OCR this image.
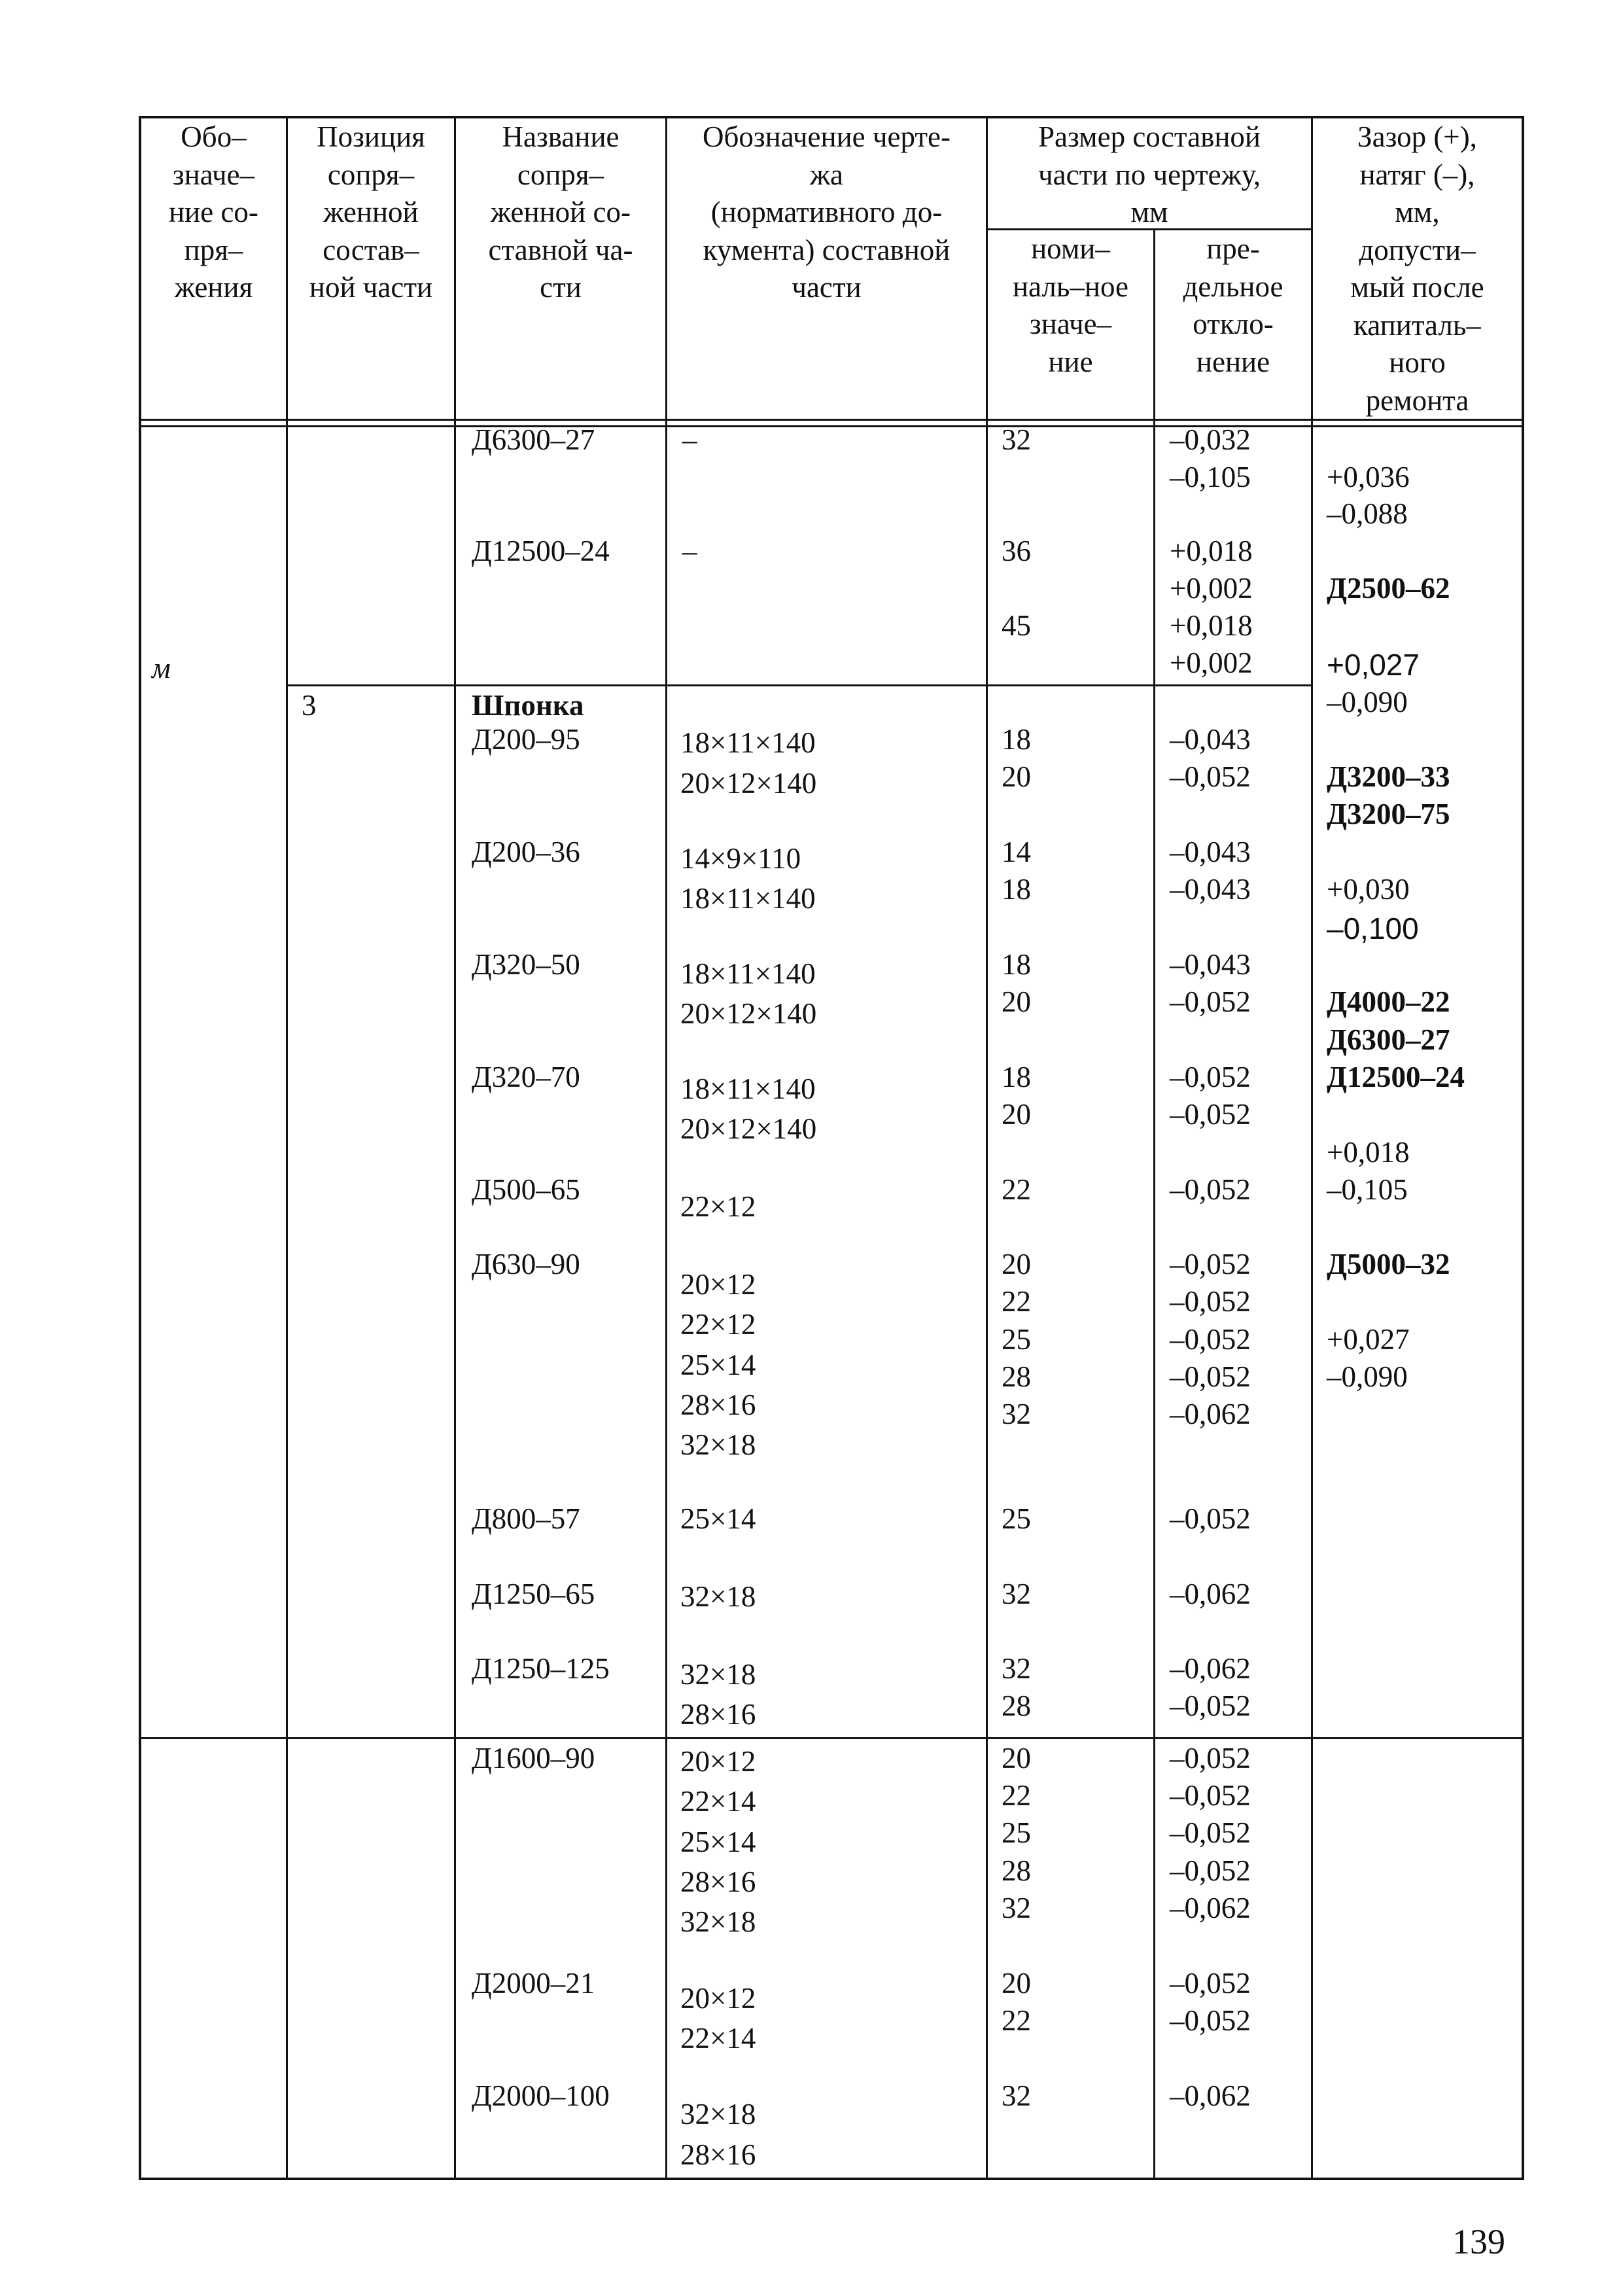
Обо–
значе–
ние со-
пря–
жения
Позиция
сопря–
женной
состав–
ной части
Название
сопря–
женной со-
ставной ча-
сти
Обозначение черте-
жа
(нормативного до-
кумента) составной
части
Размер составной
части по чертежу,
мм
номи–
наль–ное
значе–
ние
пре-
дельное
откло-
нение
Зазор (+),
натяг (–),
мм,
допусти–
мый после
капиталь–
ного
ремонта
м
Д6300–27
Д12500–24
–
–
32
36
45
–0,032
–0,105
+0,018
+0,002
+0,018
+0,002
3	Шпонка
Д200–95
Д200–36
Д320–50
Д320–70
Д500–65
Д630–90
Д800–57
Д1250–65
Д1250–125
18×11×140
20×12×140
14×9×110
18×11×140
18×11×140
20×12×140
18×11×140
20×12×140
22×12
20×12
22×12
25×14
28×16
32×18
25×14
32×18
32×18
28×16
18
20
14
18
18
20
18
20
22
20
22
25
28
32
25
32
32
28
–0,043
–0,052
–0,043
–0,043
–0,043
–0,052
–0,052
–0,052
–0,052
–0,052
–0,052
–0,052
–0,052
–0,062
–0,052
–0,062
–0,062
–0,052
+0,036
–0,088
Д2500–62
+0,027
–0,090
Д3200–33
Д3200–75
+0,030
–0,100
Д4000–22
Д6300–27
Д12500–24
+0,018
–0,105
Д5000–32
+0,027
–0,090
Д1600–90
Д2000–21
Д2000–100
20×12
22×14
25×14
28×16
32×18
20×12
22×14
32×18
28×16
20
22
25
28
32
20
22
32
–0,052
–0,052
–0,052
–0,052
–0,062
–0,052
–0,052
–0,062
139
